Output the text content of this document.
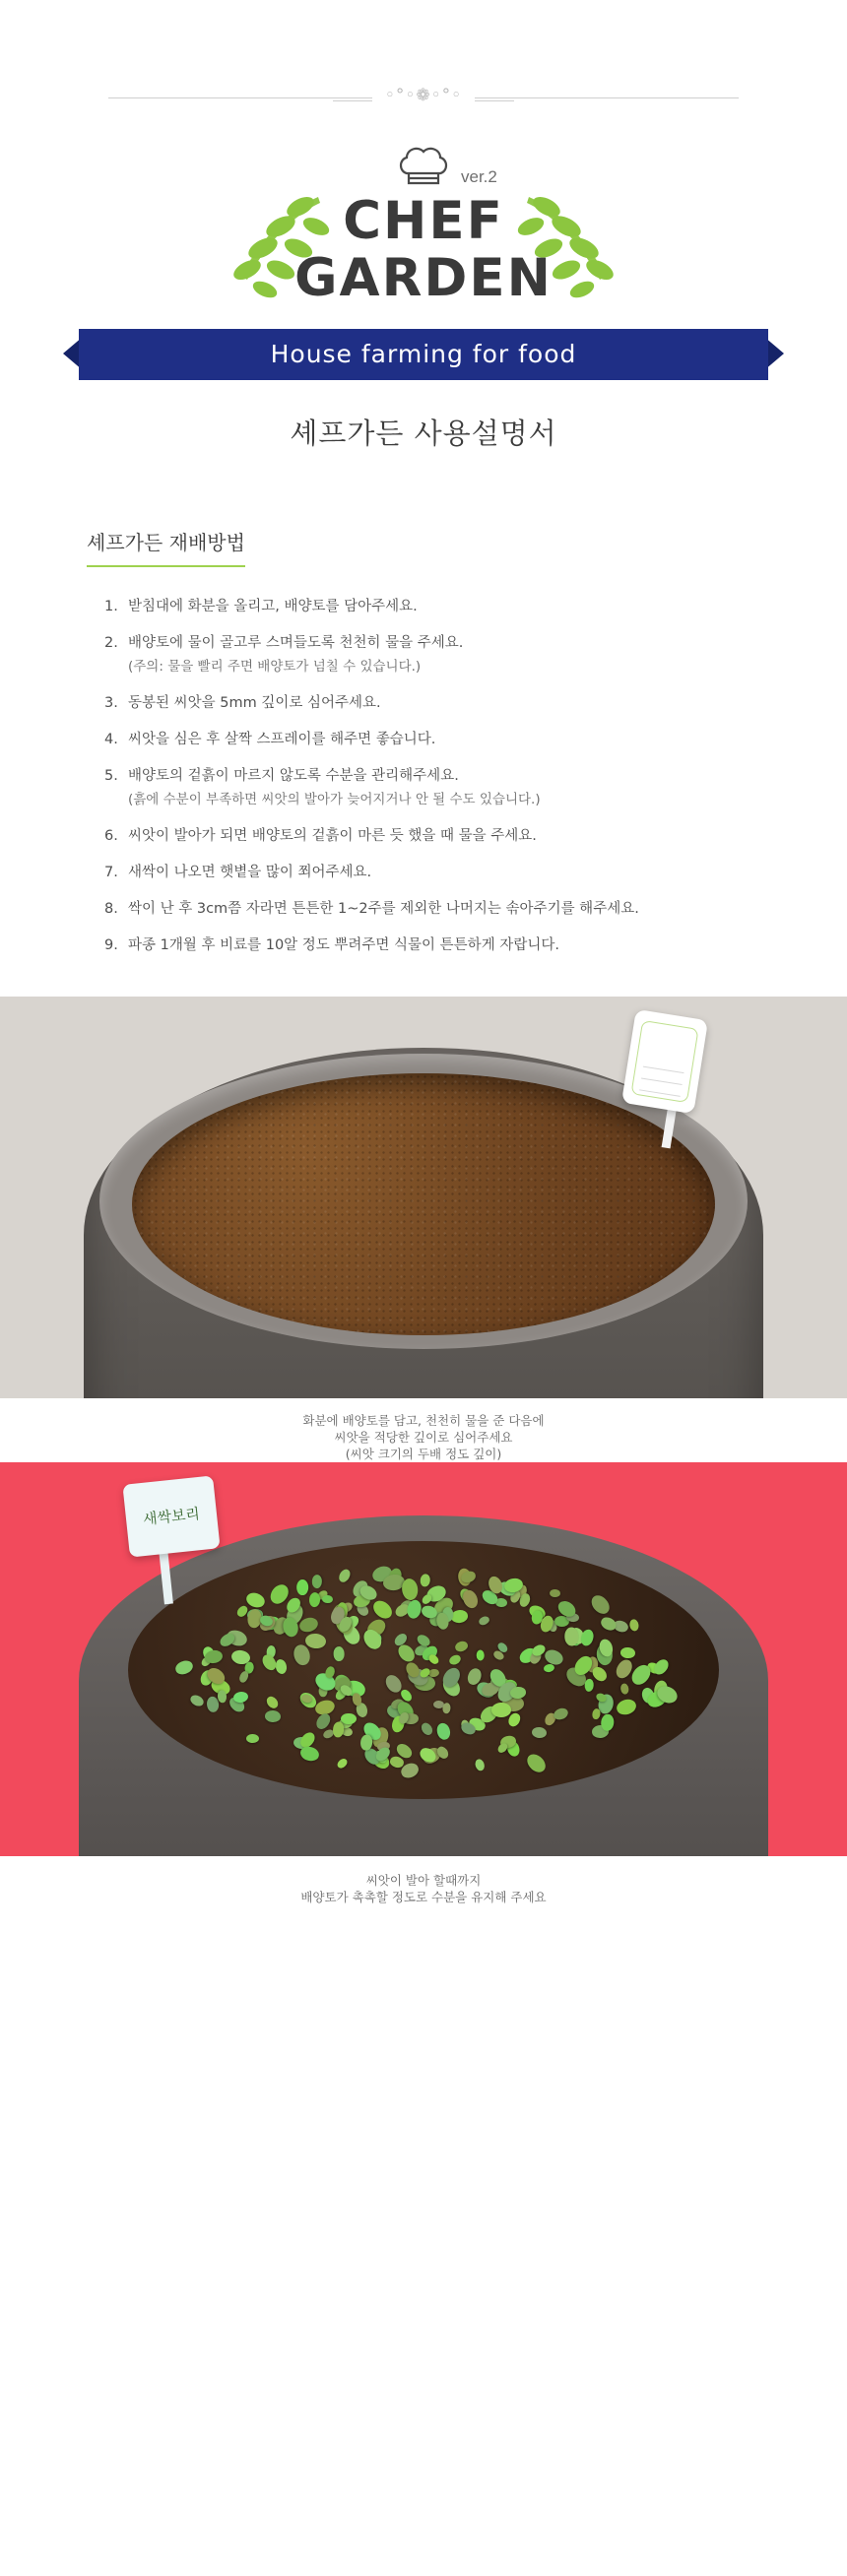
◦°◦❁◦°◦
ver.2
CHEF
GARDEN
House farming for food
셰프가든 사용설명서
셰프가든 재배방법
1. 받침대에 화분을 올리고, 배양토를 담아주세요.
2. 배양토에 물이 골고루 스며들도록 천천히 물을 주세요.
(주의: 물을 빨리 주면 배양토가 넘칠 수 있습니다.)
3. 동봉된 씨앗을 5mm 깊이로 심어주세요.
4. 씨앗을 심은 후 살짝 스프레이를 해주면 좋습니다.
5. 배양토의 겉흙이 마르지 않도록 수분을 관리해주세요.
(흙에 수분이 부족하면 씨앗의 발아가 늦어지거나 안 될 수도 있습니다.)
6. 씨앗이 발아가 되면 배양토의 겉흙이 마른 듯 했을 때 물을 주세요.
7. 새싹이 나오면 햇볕을 많이 쬐어주세요.
8. 싹이 난 후 3cm쯤 자라면 튼튼한 1~2주를 제외한 나머지는 솎아주기를 해주세요.
9. 파종 1개월 후 비료를 10알 정도 뿌려주면 식물이 튼튼하게 자랍니다.
화분에 배양토를 담고, 천천히 물을 준 다음에
씨앗을 적당한 깊이로 심어주세요
(씨앗 크기의 두배 정도 깊이)
새싹보리
씨앗이 발아 할때까지
배양토가 촉촉할 정도로 수분을 유지해 주세요
